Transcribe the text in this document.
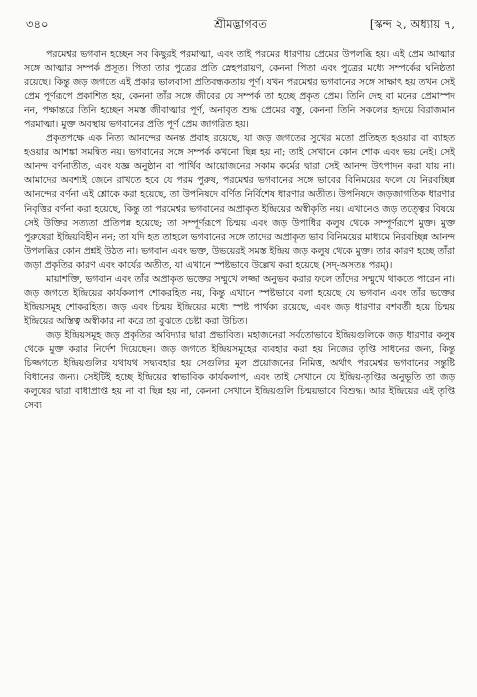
৩৪০	শ্রীমদ্ভাগবত	[স্কন্দ ২, অধ্যায় ৭,

পরমেশ্বর ভগবান হচ্ছেন সব কিছুরই পরমাত্মা, এবং তাই পরমের ধারণায় প্রেমের উপলব্ধি হয়। এই প্রেম আত্মার সঙ্গে আত্মার সম্পর্ক প্রসূত। পিতা তার পুত্রের প্রতি স্নেহপরায়ণ, কেননা পিতা এবং পুত্রের মধ্যে সম্পর্কের ঘনিষ্ঠতা রয়েছে। কিন্তু জড় জগতে এই প্রকার ভালবাসা প্রতিবন্ধকতায় পূর্ণ। যখন পরমেশ্বর ভগবানের সঙ্গে সাক্ষাৎ হয় তখন সেই প্রেম পূর্ণরূপে প্রকাশিত হয়, কেননা তাঁর সঙ্গে জীবের যে সম্পর্ক তা হচ্ছে প্রকৃত প্রেম। তিনি দেহ বা মনের প্রেমাস্পদ নন, পক্ষান্তরে তিনি হচ্ছেন সমস্ত জীবাত্মার পূর্ণ, অনাবৃত শুদ্ধ প্রেমের বস্তু, কেননা তিনি সকলের হৃদয়ে বিরাজমান পরমাত্মা। মুক্ত অবস্থায় ভগবানের প্রতি পূর্ণ প্রেম জাগরিত হয়।

প্রকৃতপক্ষে এক নিত্য আনন্দের অনন্ত প্রবাহ রয়েছে, যা জড় জগতের সুখের মতো প্রতিহত হওয়ার বা ব্যাহত হওয়ার আশঙ্কা সমন্বিত নয়। ভগবানের সঙ্গে সম্পর্ক কখনো ছিন্ন হয় না; তাই সেখানে কোন শোক এবং ভয় নেই। সেই আনন্দ বর্ণনাতীত, এবং যজ্ঞ অনুষ্ঠান বা পার্থিব আয়োজনের সকাম কর্মের দ্বারা সেই আনন্দ উৎপাদন করা যায় না। আমাদের অবশ্যই জেনে রাখতে হবে যে পরম পুরুষ, পরমেশ্বর ভগবানের সঙ্গে ভাবের বিনিময়ের ফলে যে নিরবচ্ছিন্ন আনন্দের বর্ণনা এই শ্লোকে করা হয়েছে, তা উপনিষদে বর্ণিত নির্বিশেষ ধারণার অতীত। উপনিষদে জড়জাগতিক ধারণার নিবৃত্তির বর্ণনা করা হয়েছে, কিন্তু তা পরমেশ্বর ভগবানের অপ্রাকৃত ইন্দ্রিয়ের অস্বীকৃতি নয়। এখানেও জড় তত্ত্বের বিষয়ে সেই উক্তির সত্যতা প্রতিপন্ন হয়েছে; তা সম্পূর্ণরূপে চিন্ময় এবং জড় উপাধির কলুষ থেকে সম্পূর্ণরূপে মুক্ত। মুক্ত পুরুষেরা ইন্দ্রিয়বিহীন নন; তা যদি হত তাহলে ভগবানের সঙ্গে তাদের অপ্রাকৃত ভাব বিনিময়ের মাধ্যমে নিরবচ্ছিন্ন আনন্দ উপলব্ধির কোন প্রশ্নই উঠত না। ভগবান এবং ভক্ত, উভয়েরই সমস্ত ইন্দ্রিয় জড় কলুষ থেকে মুক্ত। তার কারণ হচ্ছে তাঁরা জড়া প্রকৃতির কারণ এবং কার্যের অতীত, যা এখানে স্পষ্টভাবে উল্লেখ করা হয়েছে (সদ্-অসতঃ পরম্)।

মায়াশক্তি, ভগবান এবং তাঁর অপ্রাকৃত ভক্তের সম্মুখে লজ্জা অনুভব করার ফলে তাঁদের সম্মুখে থাকতে পারেন না। জড় জগতে ইন্দ্রিয়ের কার্যকলাপ শোকরহিত নয়, কিন্তু এখানে স্পষ্টভাবে বলা হয়েছে যে ভগবান এবং তাঁর ভক্তের ইন্দ্রিয়সমূহ শোকরহিত। জড় এবং চিন্ময় ইন্দ্রিয়ের মধ্যে স্পষ্ট পার্থক্য রয়েছে, এবং জড় ধারণার বশবর্তী হয়ে চিন্ময় ইন্দ্রিয়ের অস্তিত্ব অস্বীকার না করে তা বুঝতে চেষ্টা করা উচিত।

জড় ইন্দ্রিয়সমূহ জড় প্রকৃতির অবিদ্যার দ্বারা প্রভাবিত। মহাজনেরা সর্বতোভাবে ইন্দ্রিয়গুলিকে জড় ধারণার কলুষ থেকে মুক্ত করার নির্দেশ দিয়েছেন। জড় জগতে ইন্দ্রিয়সমূহের ব্যবহার করা হয় নিজের তৃপ্তি সাধনের জন্য, কিন্তু চিজ্জগতে ইন্দ্রিয়গুলির যথাযথ সদ্ব্যবহার হয় সেগুলির মূল প্রয়োজনের নিমিত্ত, অর্থাৎ পরমেশ্বর ভগবানের সন্তুষ্টি বিধানের জন্য। সেইটিই হচ্ছে ইন্দ্রিয়ের স্বাভাবিক কার্যকলাপ, এবং তাই সেখানে যে ইন্দ্রিয়-তৃপ্তির অনুভূতি তা জড় কলুষের দ্বারা বাধাপ্রাপ্ত হয় না বা ছিন্ন হয় না, কেননা সেখানে ইন্দ্রিয়গুলি চিন্ময়ভাবে বিশুদ্ধ। আর ইন্দ্রিয়ের এই তৃপ্তি সেব্য
